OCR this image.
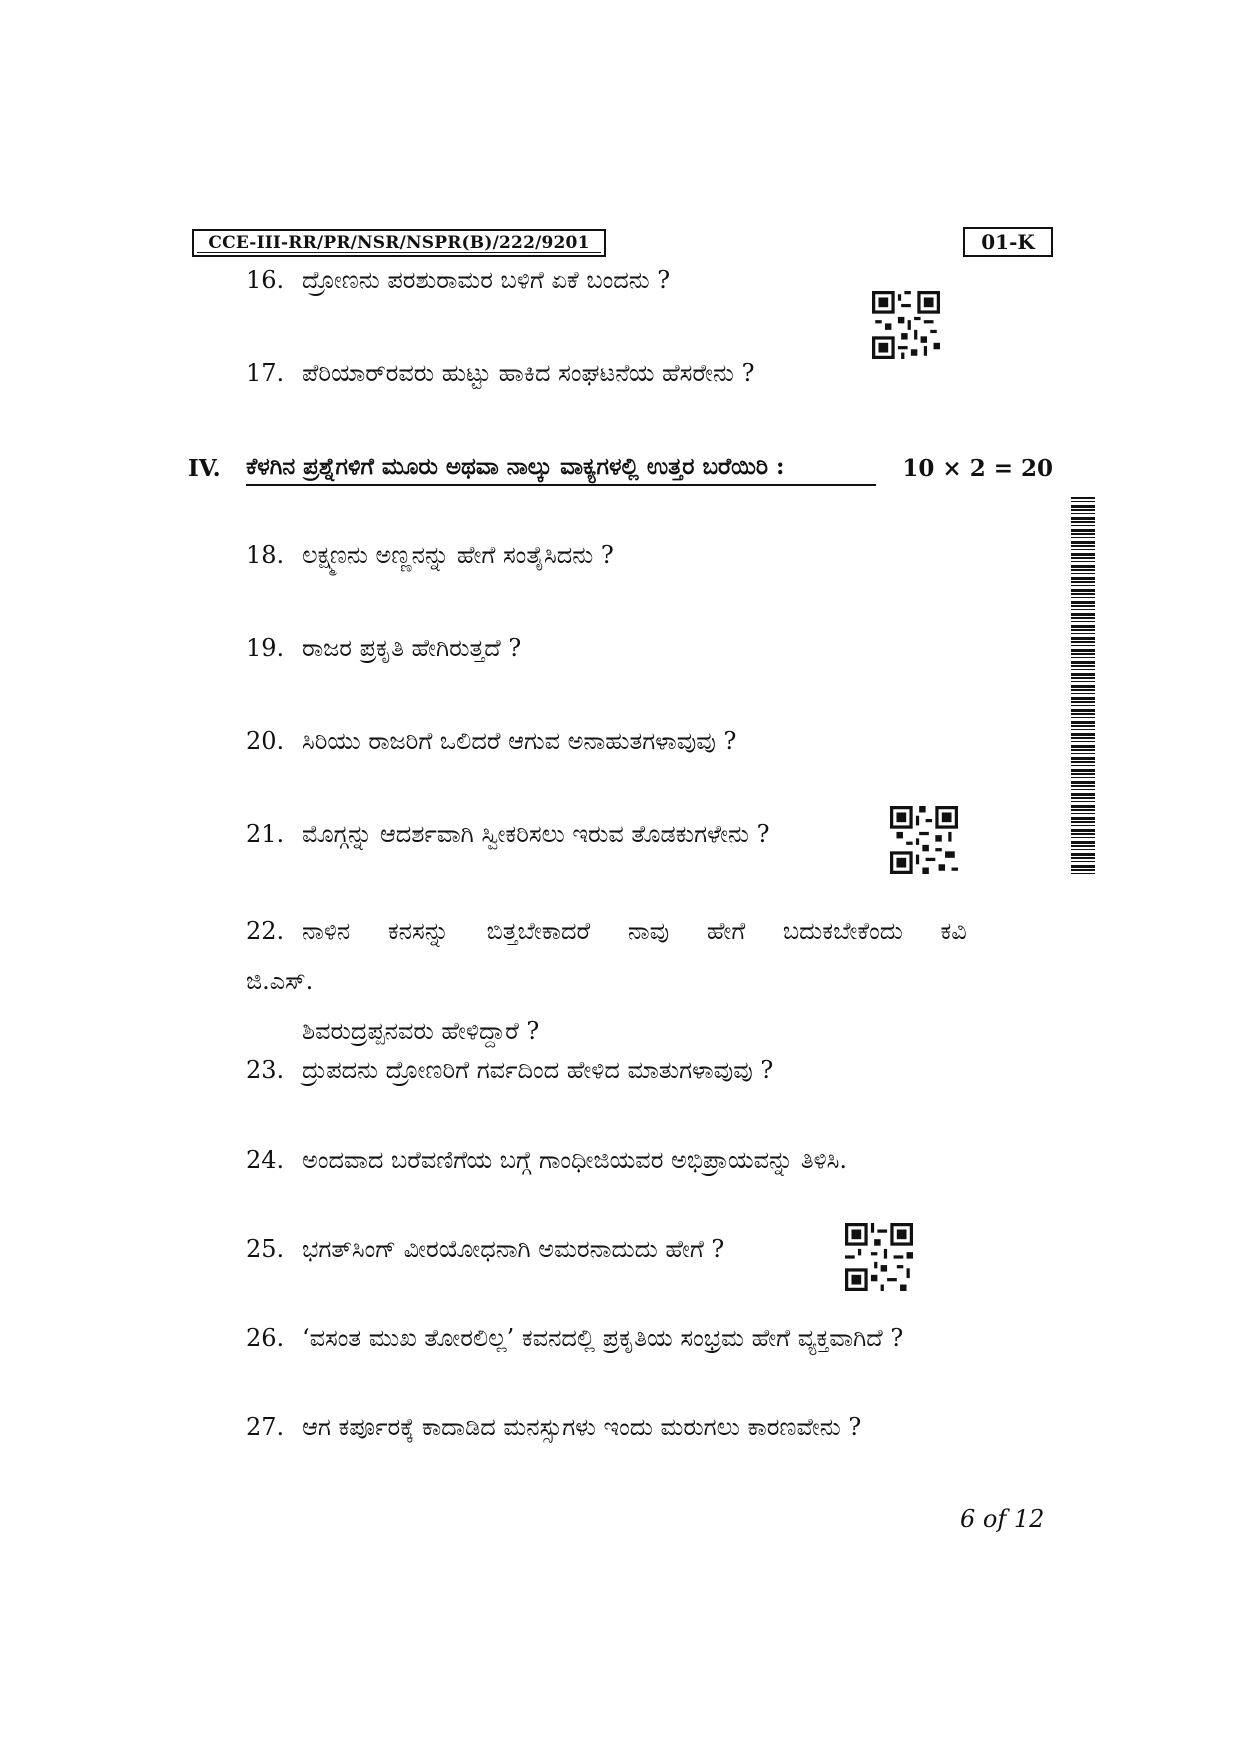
CCE-III-RR/PR/NSR/NSPR(B)/222/9201	01-K
16. ದ್ರೋಣನು ಪರಶುರಾಮರ ಬಳಿಗೆ ಏಕೆ ಬಂದನು ?
17. ಪೆರಿಯಾರ್‌ರವರು ಹುಟ್ಟು ಹಾಕಿದ ಸಂಘಟನೆಯ ಹೆಸರೇನು ?
IV. ಕೆಳಗಿನ ಪ್ರಶ್ನೆಗಳಿಗೆ ಮೂರು ಅಥವಾ ನಾಲ್ಕು ವಾಕ್ಯಗಳಲ್ಲಿ ಉತ್ತರ ಬರೆಯಿರಿ :	10 × 2 = 20
18. ಲಕ್ಷ್ಮಣನು ಅಣ್ಣನನ್ನು ಹೇಗೆ ಸಂತೈಸಿದನು ?
19. ರಾಜರ ಪ್ರಕೃತಿ ಹೇಗಿರುತ್ತದೆ ?
20. ಸಿರಿಯು ರಾಜರಿಗೆ ಒಲಿದರೆ ಆಗುವ ಅನಾಹುತಗಳಾವುವು ?
21. ಮೊಗ್ಗನ್ನು ಆದರ್ಶವಾಗಿ ಸ್ವೀಕರಿಸಲು ಇರುವ ತೊಡಕುಗಳೇನು ?
22. ನಾಳಿನ ಕನಸನ್ನು ಬಿತ್ತಬೇಕಾದರೆ ನಾವು ಹೇಗೆ ಬದುಕಬೇಕೆಂದು ಕವಿ ಜಿ.ಎಸ್.
ಶಿವರುದ್ರಪ್ಪನವರು ಹೇಳಿದ್ದಾರೆ ?
23. ದ್ರುಪದನು ದ್ರೋಣರಿಗೆ ಗರ್ವದಿಂದ ಹೇಳಿದ ಮಾತುಗಳಾವುವು ?
24. ಅಂದವಾದ ಬರೆವಣಿಗೆಯ ಬಗ್ಗೆ ಗಾಂಧೀಜಿಯವರ ಅಭಿಪ್ರಾಯವನ್ನು ತಿಳಿಸಿ.
25. ಭಗತ್‌ಸಿಂಗ್ ವೀರಯೋಧನಾಗಿ ಅಮರನಾದುದು ಹೇಗೆ ?
26. ‘ವಸಂತ ಮುಖ ತೋರಲಿಲ್ಲ’ ಕವನದಲ್ಲಿ ಪ್ರಕೃತಿಯ ಸಂಭ್ರಮ ಹೇಗೆ ವ್ಯಕ್ತವಾಗಿದೆ ?
27. ಆಗ ಕರ್ಪೂರಕ್ಕೆ ಕಾದಾಡಿದ ಮನಸ್ಸುಗಳು ಇಂದು ಮರುಗಲು ಕಾರಣವೇನು ?
6 of 12
